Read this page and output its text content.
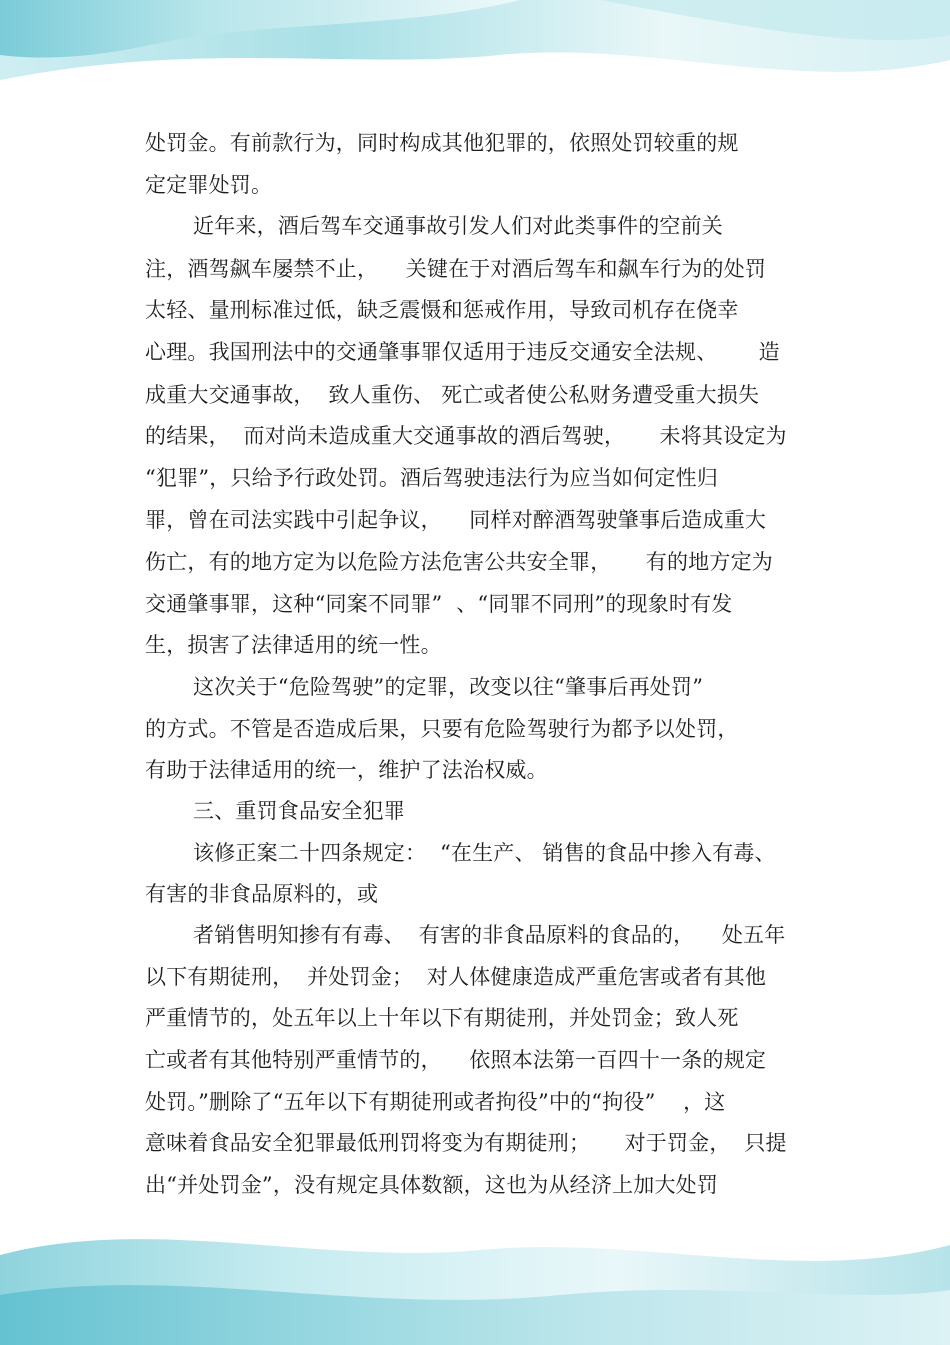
处罚金。有前款行为，同时构成其他犯罪的，依照处罚较重的规
定定罪处罚。
近年来，酒后驾车交通事故引发人们对此类事件的空前关
注，酒驾飙车屡禁不止，    关键在于对酒后驾车和飙车行为的处罚
太轻、量刑标准过低，缺乏震慑和惩戒作用，导致司机存在侥幸
心理。我国刑法中的交通肇事罪仅适用于违反交通安全法规、      造
成重大交通事故，  致人重伤、 死亡或者使公私财务遭受重大损失
的结果，  而对尚未造成重大交通事故的酒后驾驶，     未将其设定为
“犯罪”，只给予行政处罚。酒后驾驶违法行为应当如何定性归
罪，曾在司法实践中引起争议，    同样对醉酒驾驶肇事后造成重大
伤亡，有的地方定为以危险方法危害公共安全罪，     有的地方定为
交通肇事罪，这种“同案不同罪”  、“同罪不同刑”的现象时有发
生，损害了法律适用的统一性。
这次关于“危险驾驶”的定罪，改变以往“肇事后再处罚”
的方式。不管是否造成后果，只要有危险驾驶行为都予以处罚，
有助于法律适用的统一，维护了法治权威。
三、重罚食品安全犯罪
该修正案二十四条规定：  “在生产、 销售的食品中掺入有毒、
有害的非食品原料的，或
者销售明知掺有有毒、  有害的非食品原料的食品的，    处五年
以下有期徒刑，  并处罚金；  对人体健康造成严重危害或者有其他
严重情节的，处五年以上十年以下有期徒刑，并处罚金；致人死
亡或者有其他特别严重情节的，    依照本法第一百四十一条的规定
处罚。”删除了“五年以下有期徒刑或者拘役”中的“拘役”    ，这
意味着食品安全犯罪最低刑罚将变为有期徒刑；     对于罚金，  只提
出“并处罚金”，没有规定具体数额，这也为从经济上加大处罚
